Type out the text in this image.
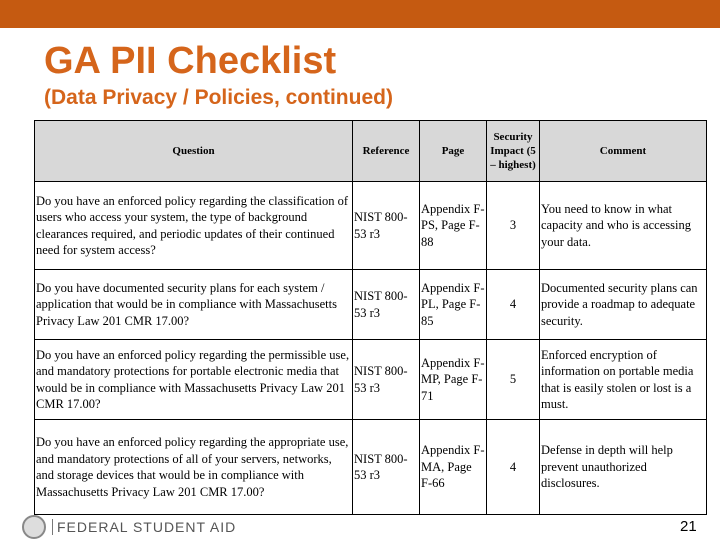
GA PII Checklist
(Data Privacy / Policies, continued)
Question	Reference	Page	Security Impact (5 – highest)	Comment
Do you have an enforced policy regarding the classification of users who access your system, the type of background clearances required, and periodic updates of their continued need for system access?	NIST 800-53 r3	Appendix F-PS, Page F-88	3	You need to know in what capacity and who is accessing your data.
Do you have documented security plans for each system / application that would be in compliance with Massachusetts Privacy Law 201 CMR 17.00?	NIST 800-53 r3	Appendix F-PL, Page F-85	4	Documented security plans can provide a roadmap to adequate security.
Do you have an enforced policy regarding the permissible use, and mandatory protections for portable electronic media that would be in compliance with Massachusetts Privacy Law 201 CMR 17.00?	NIST 800-53 r3	Appendix F-MP, Page F-71	5	Enforced encryption of information on portable media that is easily stolen or lost is a must.
Do you have an enforced policy regarding the appropriate use, and mandatory protections of all of your servers, networks, and storage devices that would be in compliance with Massachusetts Privacy Law 201 CMR 17.00?	NIST 800-53 r3	Appendix F-MA, Page F-66	4	Defense in depth will help prevent unauthorized disclosures.
FEDERAL STUDENT AID	21
